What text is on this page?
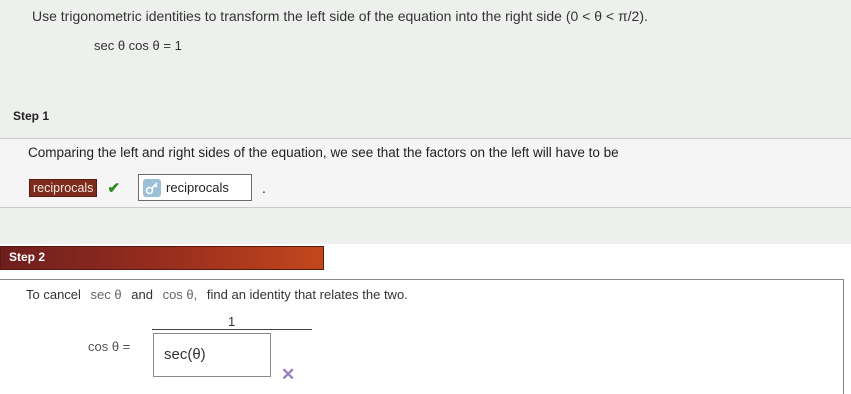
Use trigonometric identities to transform the left side of the equation into the right side (0 < θ < π/2).
sec θ cos θ = 1
Step 1
Comparing the left and right sides of the equation, we see that the factors on the left will have to be
reciprocals ✔	reciprocals .
Step 2
To cancel sec θ and cos θ, find an identity that relates the two.
1
cos θ = sec(θ)
✕
